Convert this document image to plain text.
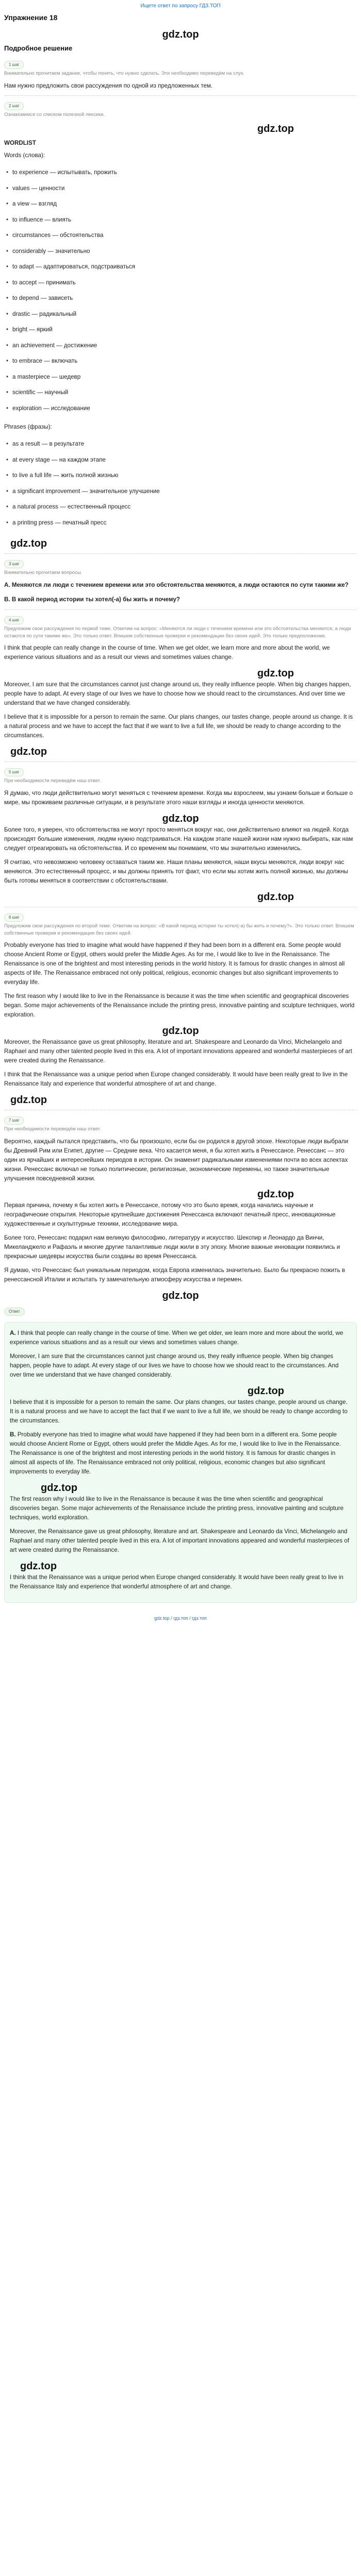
Ищете ответ по запросу ГДЗ.ТОП
Упражнение 18
gdz.top
Подробное решение
1 шаг
Внимательно прочитаем задание, чтобы понять, что нужно сделать. Эти необходимо переведём на слух.
Нам нужно предложить свои рассуждения по одной из предложенных тем.
2 шаг
Ознакомимся со списком полезной лексики.
gdz.top
WORDLIST
Words (слова):
• to experience — испытывать, прожить
• values — ценности
• a view — взгляд
• to influence — влиять
• circumstances — обстоятельства
• considerably — значительно
• to adapt — адаптироваться, подстраиваться
• to accept — принимать
• to depend — зависеть
• drastic — радикальный
• bright — яркий
• an achievement — достижение
• to embrace — включать
• a masterpiece — шедевр
• scientific — научный
• exploration — исследование
Phrases (фразы):
• as a result — в результате
• at every stage — на каждом этапе
• to live a full life — жить полной жизнью
• a significant improvement — значительное улучшение
• a natural process — естественный процесс
• a printing press — печатный пресс
gdz.top
3 шаг
Внимательно прочитаем вопросы.
A. Меняются ли люди с течением времени или это обстоятельства меняются, а люди остаются по сути такими же?
B. В какой период истории ты хотел(-а) бы жить и почему?
4 шаг
Предложим свои рассуждения по первой теме. Ответим на вопрос: «Меняются ли люди с течением времени или это обстоятельства меняются, а люди остаются по сути такими же». Это только ответ. Впишем собственные проверки и рекомендации без своих идей. Это только предположение.
I think that people can really change in the course of time. When we get older, we learn more and more about the world, we experience various situations and as a result our views and sometimes values change.
gdz.top
Moreover, I am sure that the circumstances cannot just change around us, they really influence people. When big changes happen, people have to adapt. At every stage of our lives we have to choose how we should react to the circumstances. And over time we understand that we have changed considerably.
I believe that it is impossible for a person to remain the same. Our plans changes, our tastes change, people around us change. It is a natural process and we have to accept the fact that if we want to live a full life, we should be ready to change according to the circumstances.
gdz.top
5 шаг
При необходимости переведём наш ответ.
Я думаю, что люди действительно могут меняться с течением времени. Когда мы взрослеем, мы узнаем больше и больше о мире, мы проживаем различные ситуации, и в результате этого наши взгляды и иногда ценности меняются.
gdz.top
Более того, я уверен, что обстоятельства не могут просто меняться вокруг нас, они действительно влияют на людей. Когда происходят большие изменения, людям нужно подстраиваться. На каждом этапе нашей жизни нам нужно выбирать, как нам следует отреагировать на обстоятельства. И со временем мы понимаем, что мы значительно изменились.
Я считаю, что невозможно человеку оставаться таким же. Наши планы меняются, наши вкусы меняются, люди вокруг нас меняются. Это естественный процесс, и мы должны принять тот факт, что если мы хотим жить полной жизнью, мы должны быть готовы меняться в соответствии с обстоятельствами.
gdz.top
6 шаг
Предложим свои рассуждения по второй теме. Ответим на вопрос: «В какой период истории ты хотел(-а) бы жить и почему?». Это только ответ. Впишем собственные проверки и рекомендации без своих идей.
Probably everyone has tried to imagine what would have happened if they had been born in a different era. Some people would choose Ancient Rome or Egypt, others would prefer the Middle Ages. As for me, I would like to live in the Renaissance. The Renaissance is one of the brightest and most interesting periods in the world history. It is famous for drastic changes in almost all aspects of life. The Renaissance embraced not only political, religious, economic changes but also significant improvements to everyday life.
The first reason why I would like to live in the Renaissance is because it was the time when scientific and geographical discoveries began. Some major achievements of the Renaissance include the printing press, innovative painting and sculpture techniques, world exploration.
gdz.top
Moreover, the Renaissance gave us great philosophy, literature and art. Shakespeare and Leonardo da Vinci, Michelangelo and Raphael and many other talented people lived in this era. A lot of important innovations appeared and wonderful masterpieces of art were created during the Renaissance.
I think that the Renaissance was a unique period when Europe changed considerably. It would have been really great to live in the Renaissance Italy and experience that wonderful atmosphere of art and change.
gdz.top
7 шаг
При необходимости переведём наш ответ.
Вероятно, каждый пытался представить, что бы произошло, если бы он родился в другой эпохе. Некоторые люди выбрали бы Древний Рим или Египет, другие — Средние века. Что касается меня, я бы хотел жить в Ренессансе. Ренессанс — это один из ярчайших и интереснейших периодов в истории. Он знаменит радикальными изменениями почти во всех аспектах жизни. Ренессанс включал не только политические, религиозные, экономические перемены, но также значительные улучшения повседневной жизни.
gdz.top
Первая причина, почему я бы хотел жить в Ренессансе, потому что это было время, когда начались научные и географические открытия. Некоторые крупнейшие достижения Ренессанса включают печатный пресс, инновационные художественные и скульптурные техники, исследование мира.
Более того, Ренессанс подарил нам великую философию, литературу и искусство. Шекспир и Леонардо да Винчи, Микеланджело и Рафаэль и многие другие талантливые люди жили в эту эпоху. Многие важные инновации появились и прекрасные шедевры искусства были созданы во время Ренессанса.
Я думаю, что Ренессанс был уникальным периодом, когда Европа изменилась значительно. Было бы прекрасно пожить в ренессансной Италии и испытать ту замечательную атмосферу искусства и перемен.
gdz.top
Ответ
A. I think that people can really change in the course of time. When we get older, we learn more and more about the world, we experience various situations and as a result our views and sometimes values change.
Moreover, I am sure that the circumstances cannot just change around us, they really influence people. When big changes happen, people have to adapt. At every stage of our lives we have to choose how we should react to the circumstances. And over time we understand that we have changed considerably.
gdz.top
I believe that it is impossible for a person to remain the same. Our plans changes, our tastes change, people around us change. It is a natural process and we have to accept the fact that if we want to live a full life, we should be ready to change according to the circumstances.
B. Probably everyone has tried to imagine what would have happened if they had been born in a different era. Some people would choose Ancient Rome or Egypt, others would prefer the Middle Ages. As for me, I would like to live in the Renaissance. The Renaissance is one of the brightest and most interesting periods in the world history. It is famous for drastic changes in almost all aspects of life. The Renaissance embraced not only political, religious, economic changes but also significant improvements to everyday life.
gdz.top
The first reason why I would like to live in the Renaissance is because it was the time when scientific and geographical discoveries began. Some major achievements of the Renaissance include the printing press, innovative painting and sculpture techniques, world exploration.
Moreover, the Renaissance gave us great philosophy, literature and art. Shakespeare and Leonardo da Vinci, Michelangelo and Raphael and many other talented people lived in this era. A lot of important innovations appeared and wonderful masterpieces of art were created during the Renaissance.
gdz.top
I think that the Renaissance was a unique period when Europe changed considerably. It would have been really great to live in the Renaissance Italy and experience that wonderful atmosphere of art and change.
gdz.top / гдз.топ / гдз.топ
